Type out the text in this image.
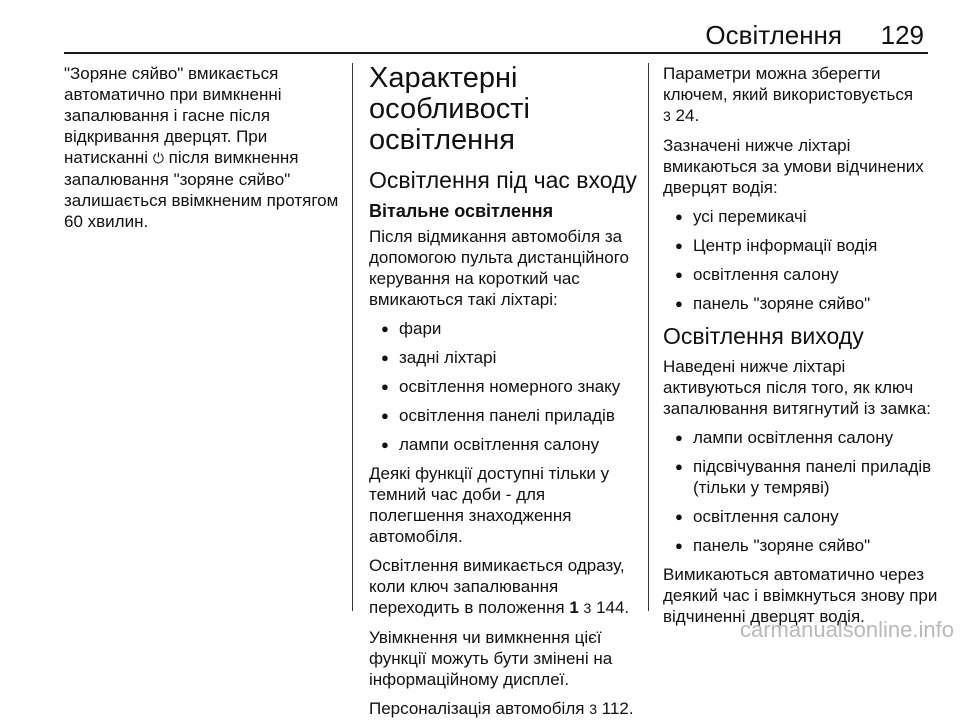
Освітлення 129

"Зоряне сяйво" вмикається автоматично при вимкненні запалювання і гасне після відкривання дверцят. При натисканні ⏻ після вимкнення запалювання "зоряне сяйво" залишається ввімкненим протягом 60 хвилин.

Характерні особливості освітлення
Освітлення під час входу
Вітальне освітлення

Після відмикання автомобіля за допомогою пульта дистанційного керування на короткий час вмикаються такі ліхтарі:

● фари
● задні ліхтарі
● освітлення номерного знаку
● освітлення панелі приладів
● лампи освітлення салону

Деякі функції доступні тільки у темний час доби - для полегшення знаходження автомобіля.

Освітлення вимикається одразу, коли ключ запалювання переходить в положення 1 3 144.

Увімкнення чи вимкнення цієї функції можуть бути змінені на інформаційному дисплеї.

Персоналізація автомобіля 3 112.

Параметри можна зберегти ключем, який використовується
3 24.

Зазначені нижче ліхтарі вмикаються за умови відчинених дверцят водія:

● усі перемикачі
● Центр інформації водія
● освітлення салону
● панель "зоряне сяйво"
Освітлення виходу

Наведені нижче ліхтарі активуються після того, як ключ запалювання витягнутий із замка:

● лампи освітлення салону
● підсвічування панелі приладів (тільки у темряві)
● освітлення салону
● панель "зоряне сяйво"

Вимикаються автоматично через деякий час і ввімкнуться знову при відчиненні дверцят водія.

carmanualsonline.info
